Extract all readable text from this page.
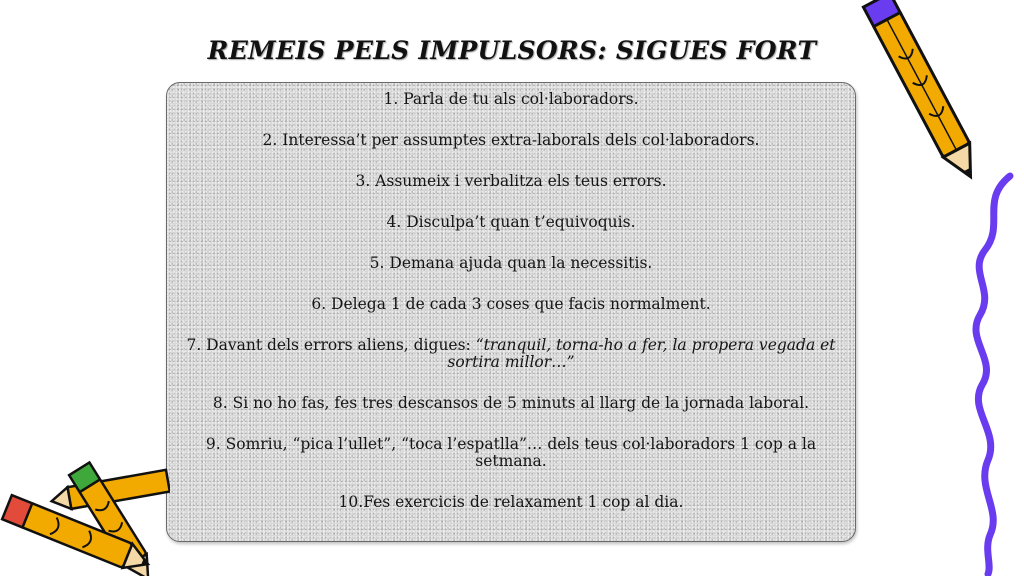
REMEIS PELS IMPULSORS: SIGUES FORT
1. Parla de tu als col·laboradors.
2. Interessa’t per assumptes extra-laborals dels col·laboradors.
3. Assumeix i verbalitza els teus errors.
4. Disculpa’t quan t’equivoquis.
5. Demana ajuda quan la necessitis.
6. Delega 1 de cada 3 coses que facis normalment.
7. Davant dels errors aliens, digues: “tranquil, torna-ho a fer, la propera vegada et sortira millor…”
8. Si no ho fas, fes tres descansos de 5 minuts al llarg de la jornada laboral.
9. Somriu, “pica l’ullet”, “toca l’espatlla”… dels teus col·laboradors 1 cop a la setmana.
10.Fes exercicis de relaxament 1 cop al dia.
